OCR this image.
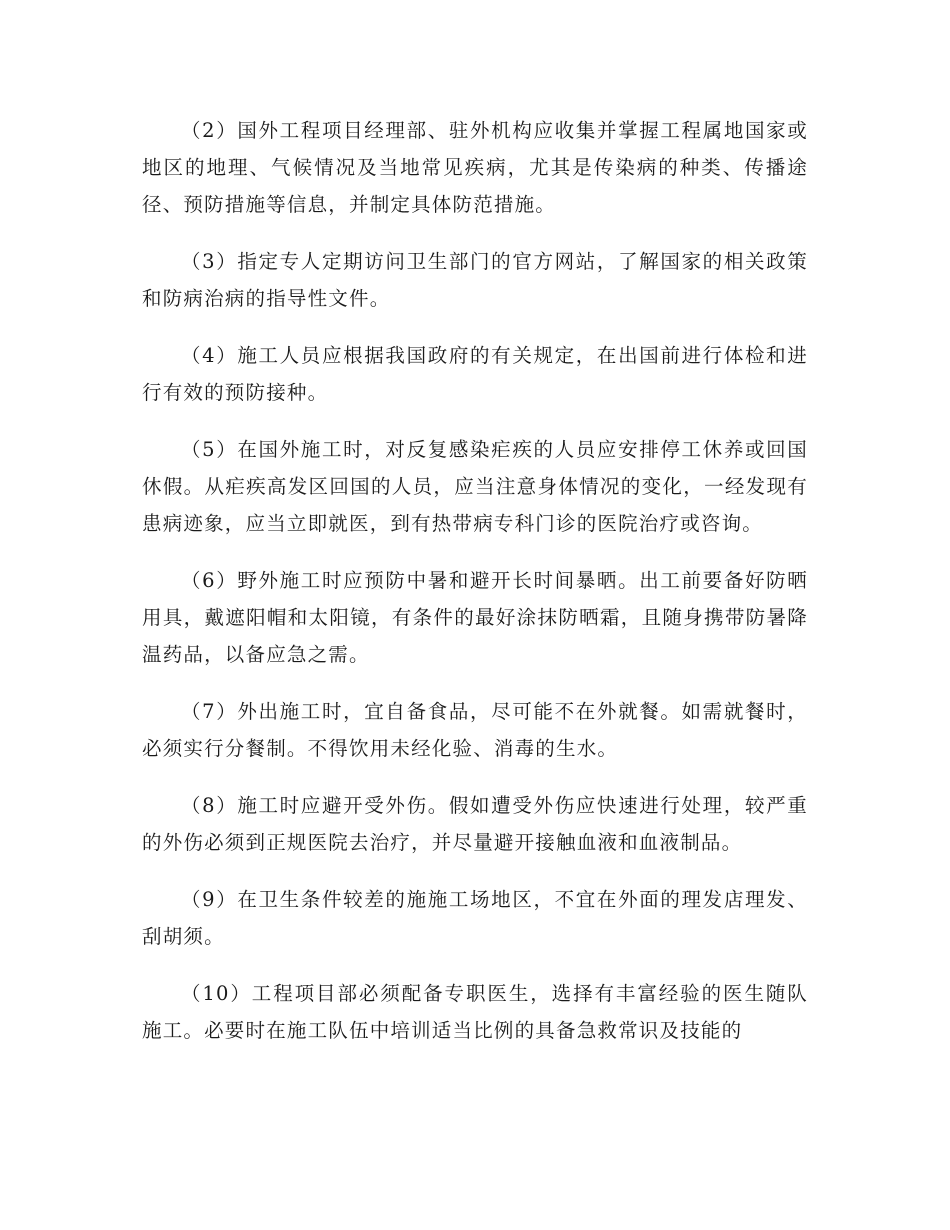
（2）国外工程项目经理部、驻外机构应收集并掌握工程属地国家或地区的地理、气候情况及当地常见疾病，尤其是传染病的种类、传播途径、预防措施等信息，并制定具体防范措施。

（3）指定专人定期访问卫生部门的官方网站，了解国家的相关政策和防病治病的指导性文件。

（4）施工人员应根据我国政府的有关规定，在出国前进行体检和进行有效的预防接种。

（5）在国外施工时，对反复感染疟疾的人员应安排停工休养或回国休假。从疟疾高发区回国的人员，应当注意身体情况的变化，一经发现有患病迹象，应当立即就医，到有热带病专科门诊的医院治疗或咨询。

（6）野外施工时应预防中暑和避开长时间暴晒。出工前要备好防晒用具，戴遮阳帽和太阳镜，有条件的最好涂抹防晒霜，且随身携带防暑降温药品，以备应急之需。

（7）外出施工时，宜自备食品，尽可能不在外就餐。如需就餐时，必须实行分餐制。不得饮用未经化验、消毒的生水。

（8）施工时应避开受外伤。假如遭受外伤应快速进行处理，较严重的外伤必须到正规医院去治疗，并尽量避开接触血液和血液制品。

（9）在卫生条件较差的施施工场地区，不宜在外面的理发店理发、刮胡须。

（10）工程项目部必须配备专职医生，选择有丰富经验的医生随队施工。必要时在施工队伍中培训适当比例的具备急救常识及技能的
